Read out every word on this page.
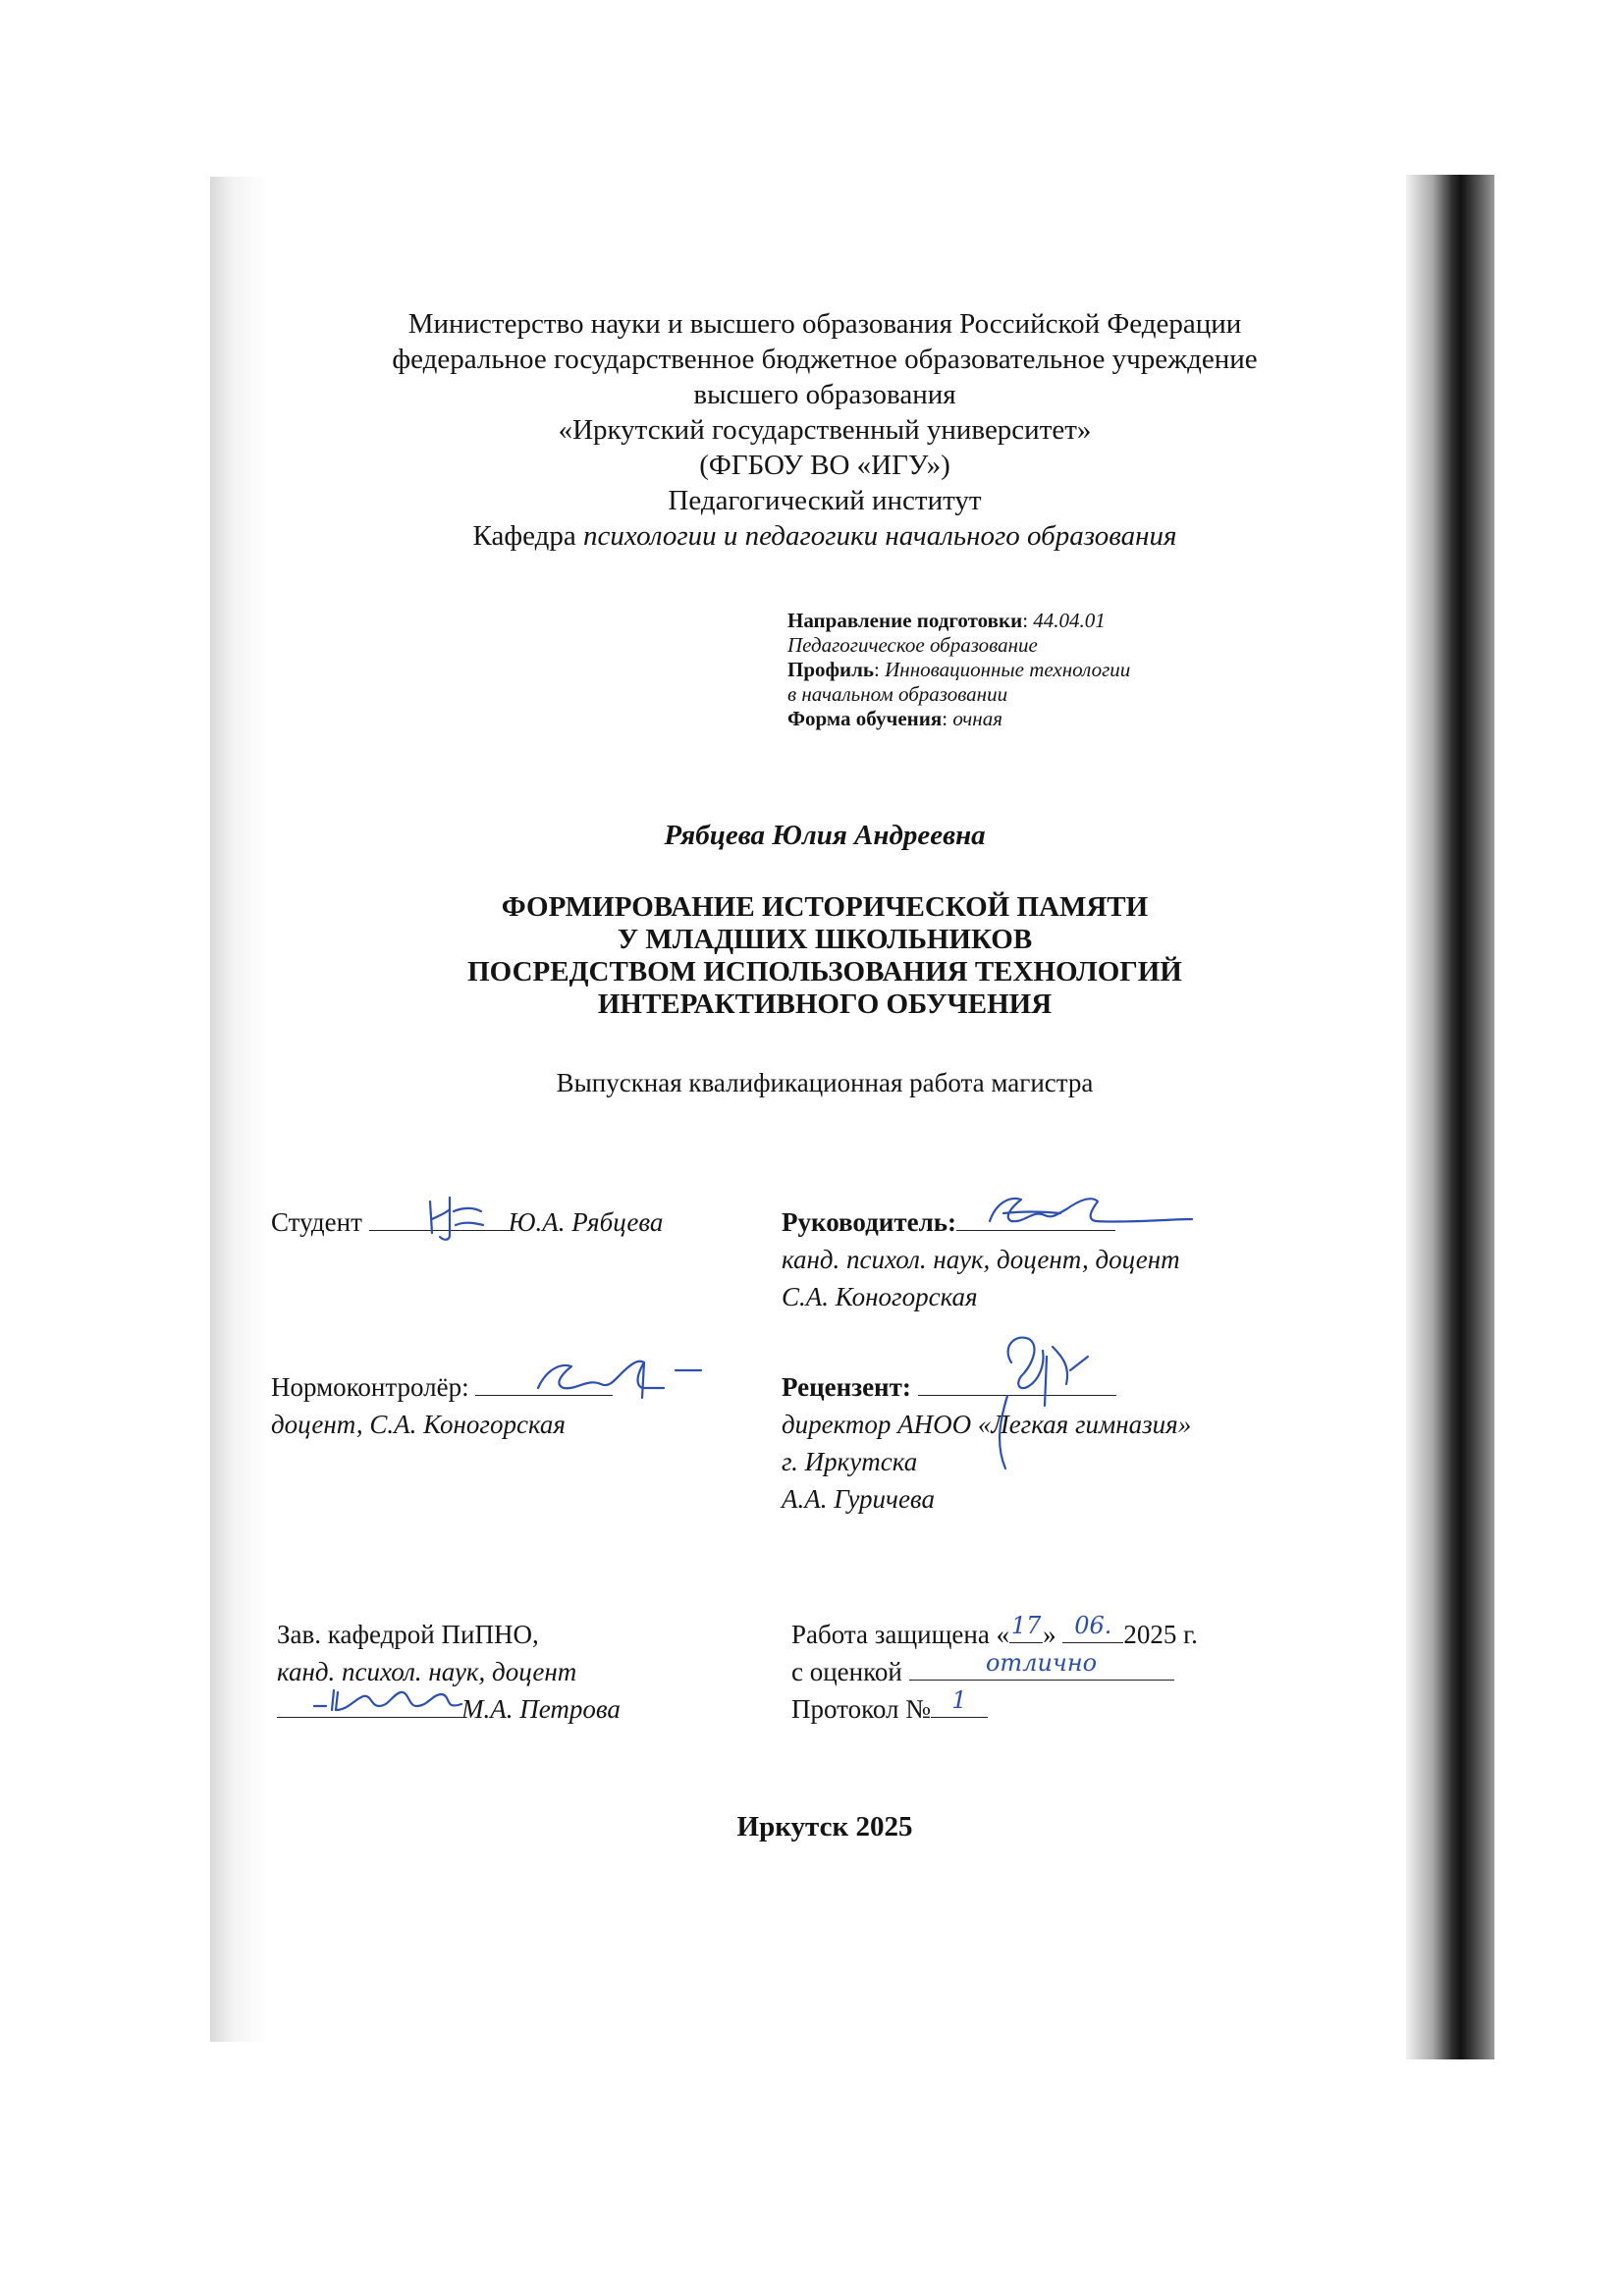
Министерство науки и высшего образования Российской Федерации
федеральное государственное бюджетное образовательное учреждение
высшего образования
«Иркутский государственный университет»
(ФГБОУ ВО «ИГУ»)
Педагогический институт
Кафедра психологии и педагогики начального образования
Направление подготовки: 44.04.01
Педагогическое образование
Профиль: Инновационные технологии
в начальном образовании
Форма обучения: очная
Рябцева Юлия Андреевна
ФОРМИРОВАНИЕ ИСТОРИЧЕСКОЙ ПАМЯТИ
У МЛАДШИХ ШКОЛЬНИКОВ
ПОСРЕДСТВОМ ИСПОЛЬЗОВАНИЯ ТЕХНОЛОГИЙ
ИНТЕРАКТИВНОГО ОБУЧЕНИЯ
Выпускная квалификационная работа магистра
Студент	Ю.А. Рябцева	Руководитель:
канд. психол. наук, доцент, доцент
С.А. Коногорская
Нормоконтролёр:
доцент, С.А. Коногорская
Рецензент:
директор АНОО «Легкая гимназия»
г. Иркутска
А.А. Гуричева
Зав. кафедрой ПиПНО,
канд. психол. наук, доцент
М.А. Петрова
Работа защищена « 17 » 06. 2025 г.
с оценкой	отлично
Протокол № 1
Иркутск 2025
